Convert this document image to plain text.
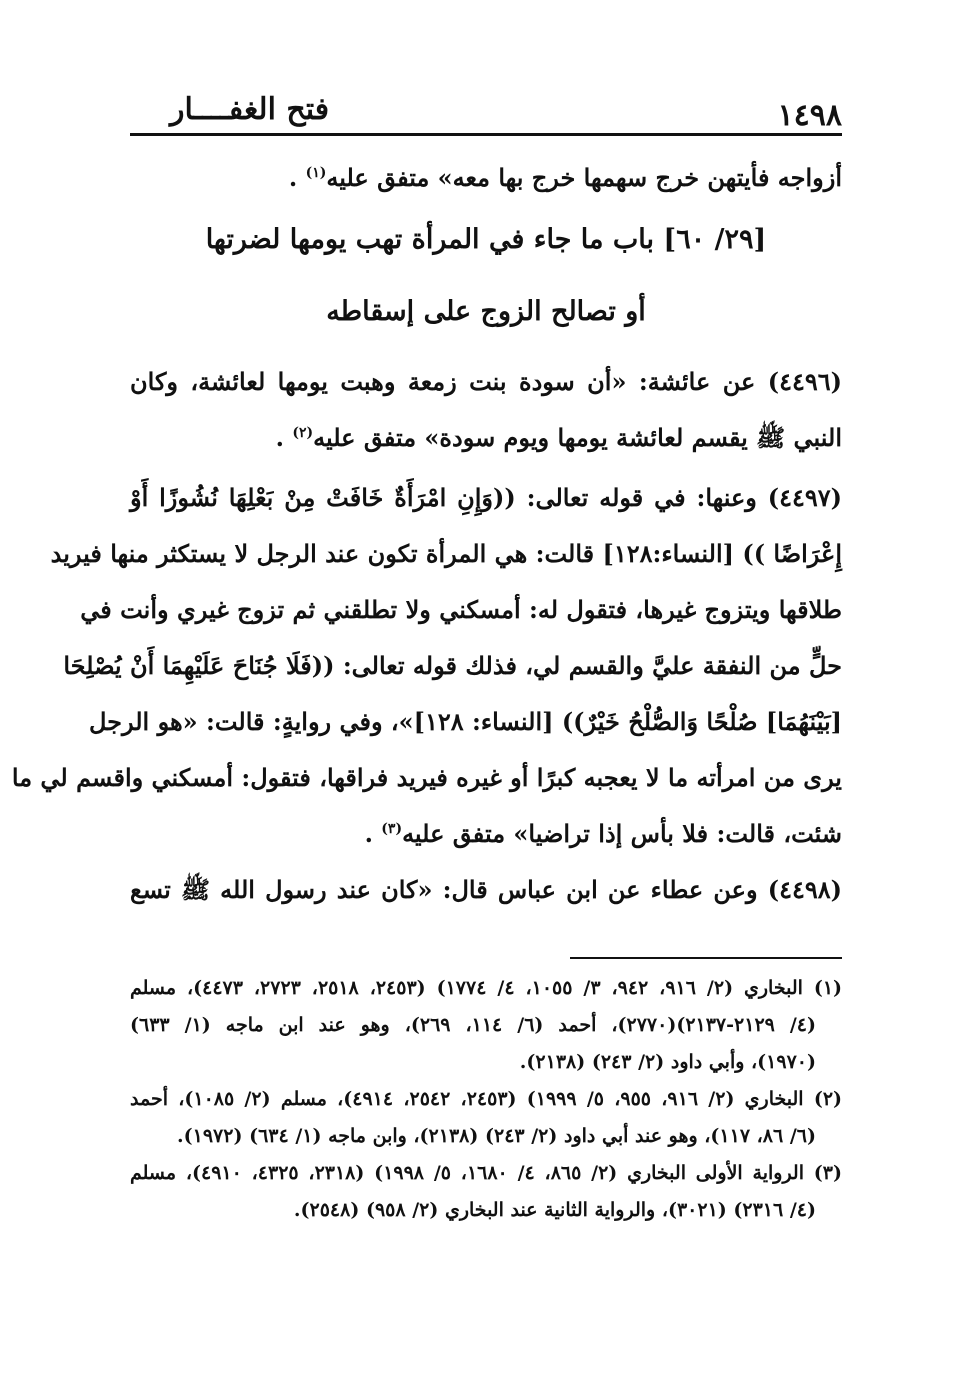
١٤٩٨
فتح الغفــــار
أزواجه فأيتهن خرج سهمها خرج بها معه» متفق عليه$^{(١)}$ .
[٢٩/ ٦٠] باب ما جاء في المرأة تهب يومها لضرتها
أو تصالح الزوج على إسقاطه
(٤٤٩٦) عن عائشة: «أن سودة بنت زمعة وهبت يومها لعائشة، وكان
النبي ﷺ يقسم لعائشة يومها ويوم سودة» متفق عليه$^{(٢)}$ .
(٤٤٩٧) وعنها: في قوله تعالى: ((وَإِنِ امْرَأَةٌ خَافَتْ مِنْ بَعْلِهَا نُشُوزًا أَوْ
إِعْرَاضًا )) [النساء:١٢٨] قالت: هي المرأة تكون عند الرجل لا يستكثر منها فيريد
طلاقها ويتزوج غيرها، فتقول له: أمسكني ولا تطلقني ثم تزوج غيري وأنت في
حلٍّ من النفقة عليَّ والقسم لي، فذلك قوله تعالى: ((فَلَا جُنَاحَ عَلَيْهِمَا أَنْ يُصْلِحَا
[بَيْنَهُمَا] صُلْحًا وَالصُّلْحُ خَيْرٌ)) [النساء: ١٢٨]»، وفي روايةٍ: قالت: «هو الرجل
يرى من امرأته ما لا يعجبه كبرًا أو غيره فيريد فراقها، فتقول: أمسكني واقسم لي ما
شئت، قالت: فلا بأس إذا تراضيا» متفق عليه$^{(٣)}$ .
(٤٤٩٨) وعن عطاء عن ابن عباس قال: «كان عند رسول الله ﷺ تسع
(١) البخاري (٢/ ٩١٦، ٩٤٢، ٣/ ١٠٥٥، ٤/ ١٧٧٤) (٢٤٥٣، ٢٥١٨، ٢٧٢٣، ٤٤٧٣)، مسلم
(٤/ ٢١٢٩-٢١٣٧)(٢٧٧٠)، أحمد (٦/ ١١٤، ٢٦٩)، وهو عند ابن ماجه (١/ ٦٣٣)
(١٩٧٠)، وأبي داود (٢/ ٢٤٣) (٢١٣٨).
(٢) البخاري (٢/ ٩١٦، ٩٥٥، ٥/ ١٩٩٩) (٢٤٥٣، ٢٥٤٢، ٤٩١٤)، مسلم (٢/ ١٠٨٥)، أحمد
(٦/ ٨٦، ١١٧)، وهو عند أبي داود (٢/ ٢٤٣) (٢١٣٨)، وابن ماجه (١/ ٦٣٤) (١٩٧٢).
(٣) الرواية الأولى البخاري (٢/ ٨٦٥، ٤/ ١٦٨٠، ٥/ ١٩٩٨) (٢٣١٨، ٤٣٢٥، ٤٩١٠)، مسلم
(٤/ ٢٣١٦) (٣٠٢١)، والرواية الثانية عند البخاري (٢/ ٩٥٨) (٢٥٤٨).
